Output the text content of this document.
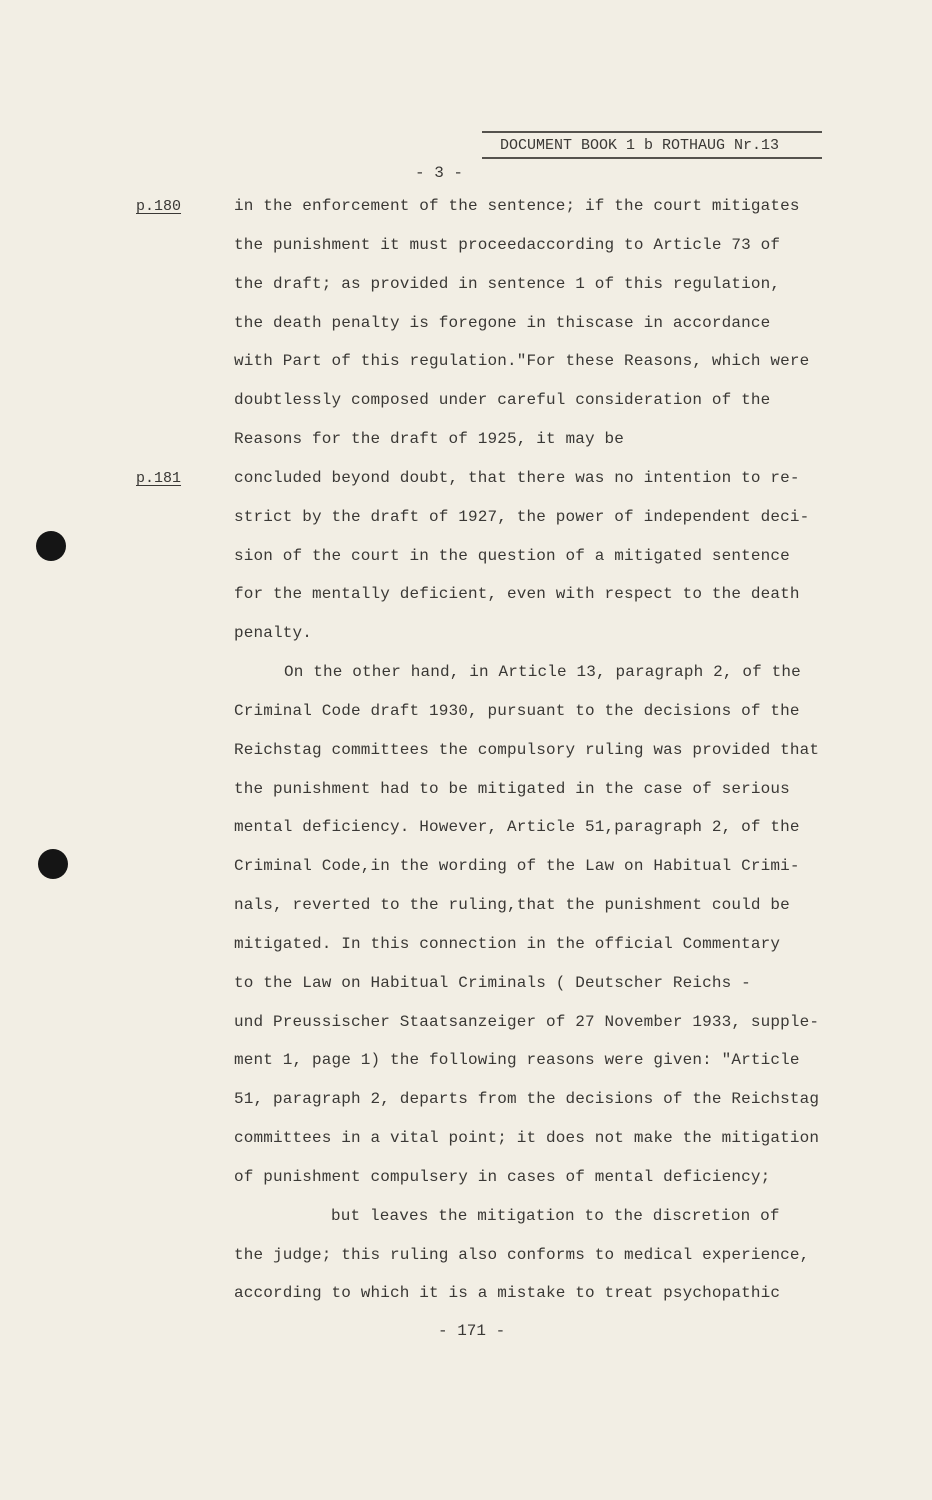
DOCUMENT BOOK 1 b ROTHAUG Nr.13
- 3 -
p.180
p.181
in the enforcement of the sentence; if the court mitigates
the punishment it must proceedaccording to Article 73 of
the draft; as provided in sentence 1 of this regulation,
the death penalty is foregone in thiscase in accordance
with Part of this regulation."For these Reasons, which were
doubtlessly composed under careful consideration of the
Reasons for the draft of 1925, it may be
concluded beyond doubt, that there was no intention to re-
strict by the draft of 1927, the power of independent deci-
sion of the court in the question of a mitigated sentence
for the mentally deficient, even with respect to the death
penalty.
On the other hand, in Article 13, paragraph 2, of the
Criminal Code draft 1930, pursuant to the decisions of the
Reichstag committees the compulsory ruling was provided that
the punishment had to be mitigated in the case of serious
mental deficiency. However, Article 51,paragraph 2, of the
Criminal Code,in the wording of the Law on Habitual Crimi-
nals, reverted to the ruling,that the punishment could be
mitigated. In this connection in the official Commentary
to the Law on Habitual Criminals ( Deutscher Reichs -
und Preussischer Staatsanzeiger of 27 November 1933, supple-
ment 1, page 1) the following reasons were given: "Article
51, paragraph 2, departs from the decisions of the Reichstag
committees in a vital point; it does not make the mitigation
of punishment compulsery in cases of mental deficiency;
but leaves the mitigation to the discretion of
the judge; this ruling also conforms to medical experience,
according to which it is a mistake to treat psychopathic
- 171 -
